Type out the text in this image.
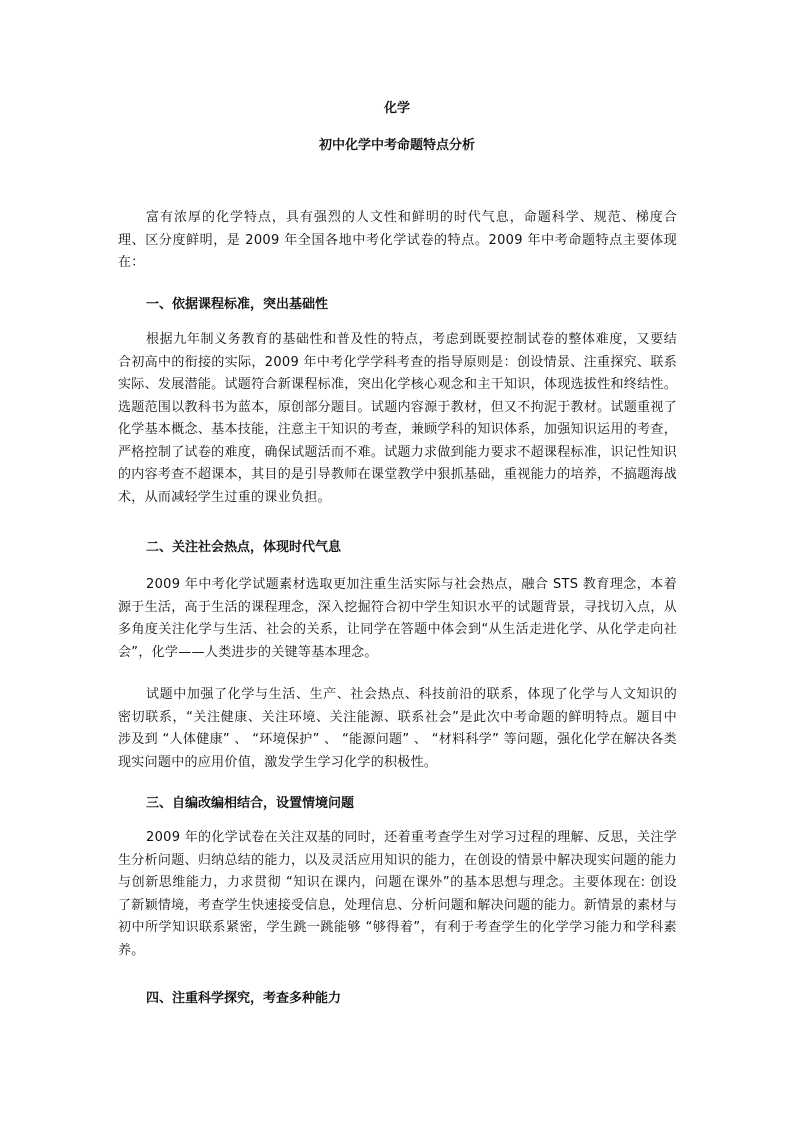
化学
初中化学中考命题特点分析

富有浓厚的化学特点，具有强烈的人文性和鲜明的时代气息，命题科学、规范、梯度合理、区分度鲜明，是 2009 年全国各地中考化学试卷的特点。2009 年中考命题特点主要体现在：

一、依据课程标准，突出基础性

根据九年制义务教育的基础性和普及性的特点，考虑到既要控制试卷的整体难度，又要结合初高中的衔接的实际，2009 年中考化学学科考查的指导原则是：创设情景、注重探究、联系实际、发展潜能。试题符合新课程标准，突出化学核心观念和主干知识，体现选拔性和终结性。选题范围以教科书为蓝本，原创部分题目。试题内容源于教材，但又不拘泥于教材。试题重视了化学基本概念、基本技能，注意主干知识的考查，兼顾学科的知识体系，加强知识运用的考查，严格控制了试卷的难度，确保试题活而不难。试题力求做到能力要求不超课程标准，识记性知识的内容考查不超课本，其目的是引导教师在课堂教学中狠抓基础，重视能力的培养，不搞题海战术，从而减轻学生过重的课业负担。

二、关注社会热点，体现时代气息

2009 年中考化学试题素材选取更加注重生活实际与社会热点，融合 STS 教育理念，本着源于生活，高于生活的课程理念，深入挖掘符合初中学生知识水平的试题背景，寻找切入点，从多角度关注化学与生活、社会的关系，让同学在答题中体会到“从生活走进化学、从化学走向社会”，化学——人类进步的关键等基本理念。

试题中加强了化学与生活、生产、社会热点、科技前沿的联系，体现了化学与人文知识的密切联系，“关注健康、关注环境、关注能源、联系社会”是此次中考命题的鲜明特点。题目中涉及到 “人体健康” 、 “环境保护” 、 “能源问题” 、 “材料科学” 等问题，强化化学在解决各类现实问题中的应用价值，激发学生学习化学的积极性。

三、自编改编相结合，设置情境问题

2009 年的化学试卷在关注双基的同时，还着重考查学生对学习过程的理解、反思，关注学生分析问题、归纳总结的能力，以及灵活应用知识的能力，在创设的情景中解决现实问题的能力与创新思维能力，力求贯彻 “知识在课内，问题在课外”的基本思想与理念。主要体现在: 创设了新颖情境，考查学生快速接受信息，处理信息、分析问题和解决问题的能力。新情景的素材与初中所学知识联系紧密，学生跳一跳能够 “够得着”，有利于考查学生的化学学习能力和学科素养。

四、注重科学探究，考查多种能力
